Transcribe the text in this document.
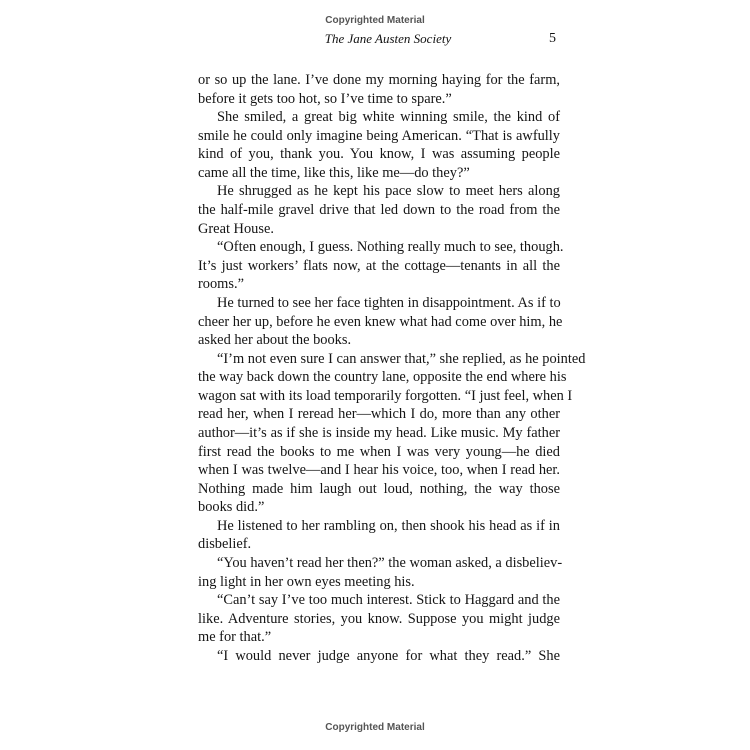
Copyrighted Material
The Jane Austen Society	5
or so up the lane. I’ve done my morning haying for the farm,
before it gets too hot, so I’ve time to spare.”
She smiled, a great big white winning smile, the kind of
smile he could only imagine being American. “That is awfully
kind of you, thank you. You know, I was assuming people
came all the time, like this, like me—do they?”
He shrugged as he kept his pace slow to meet hers along
the half-mile gravel drive that led down to the road from the
Great House.
“Often enough, I guess. Nothing really much to see, though.
It’s just workers’ flats now, at the cottage—tenants in all the
rooms.”
He turned to see her face tighten in disappointment. As if to
cheer her up, before he even knew what had come over him, he
asked her about the books.
“I’m not even sure I can answer that,” she replied, as he pointed
the way back down the country lane, opposite the end where his
wagon sat with its load temporarily forgotten. “I just feel, when I
read her, when I reread her—which I do, more than any other
author—it’s as if she is inside my head. Like music. My father
first read the books to me when I was very young—he died
when I was twelve—and I hear his voice, too, when I read her.
Nothing made him laugh out loud, nothing, the way those
books did.”
He listened to her rambling on, then shook his head as if in
disbelief.
“You haven’t read her then?” the woman asked, a disbeliev-
ing light in her own eyes meeting his.
“Can’t say I’ve too much interest. Stick to Haggard and the
like. Adventure stories, you know. Suppose you might judge
me for that.”
“I would never judge anyone for what they read.” She
Copyrighted Material
